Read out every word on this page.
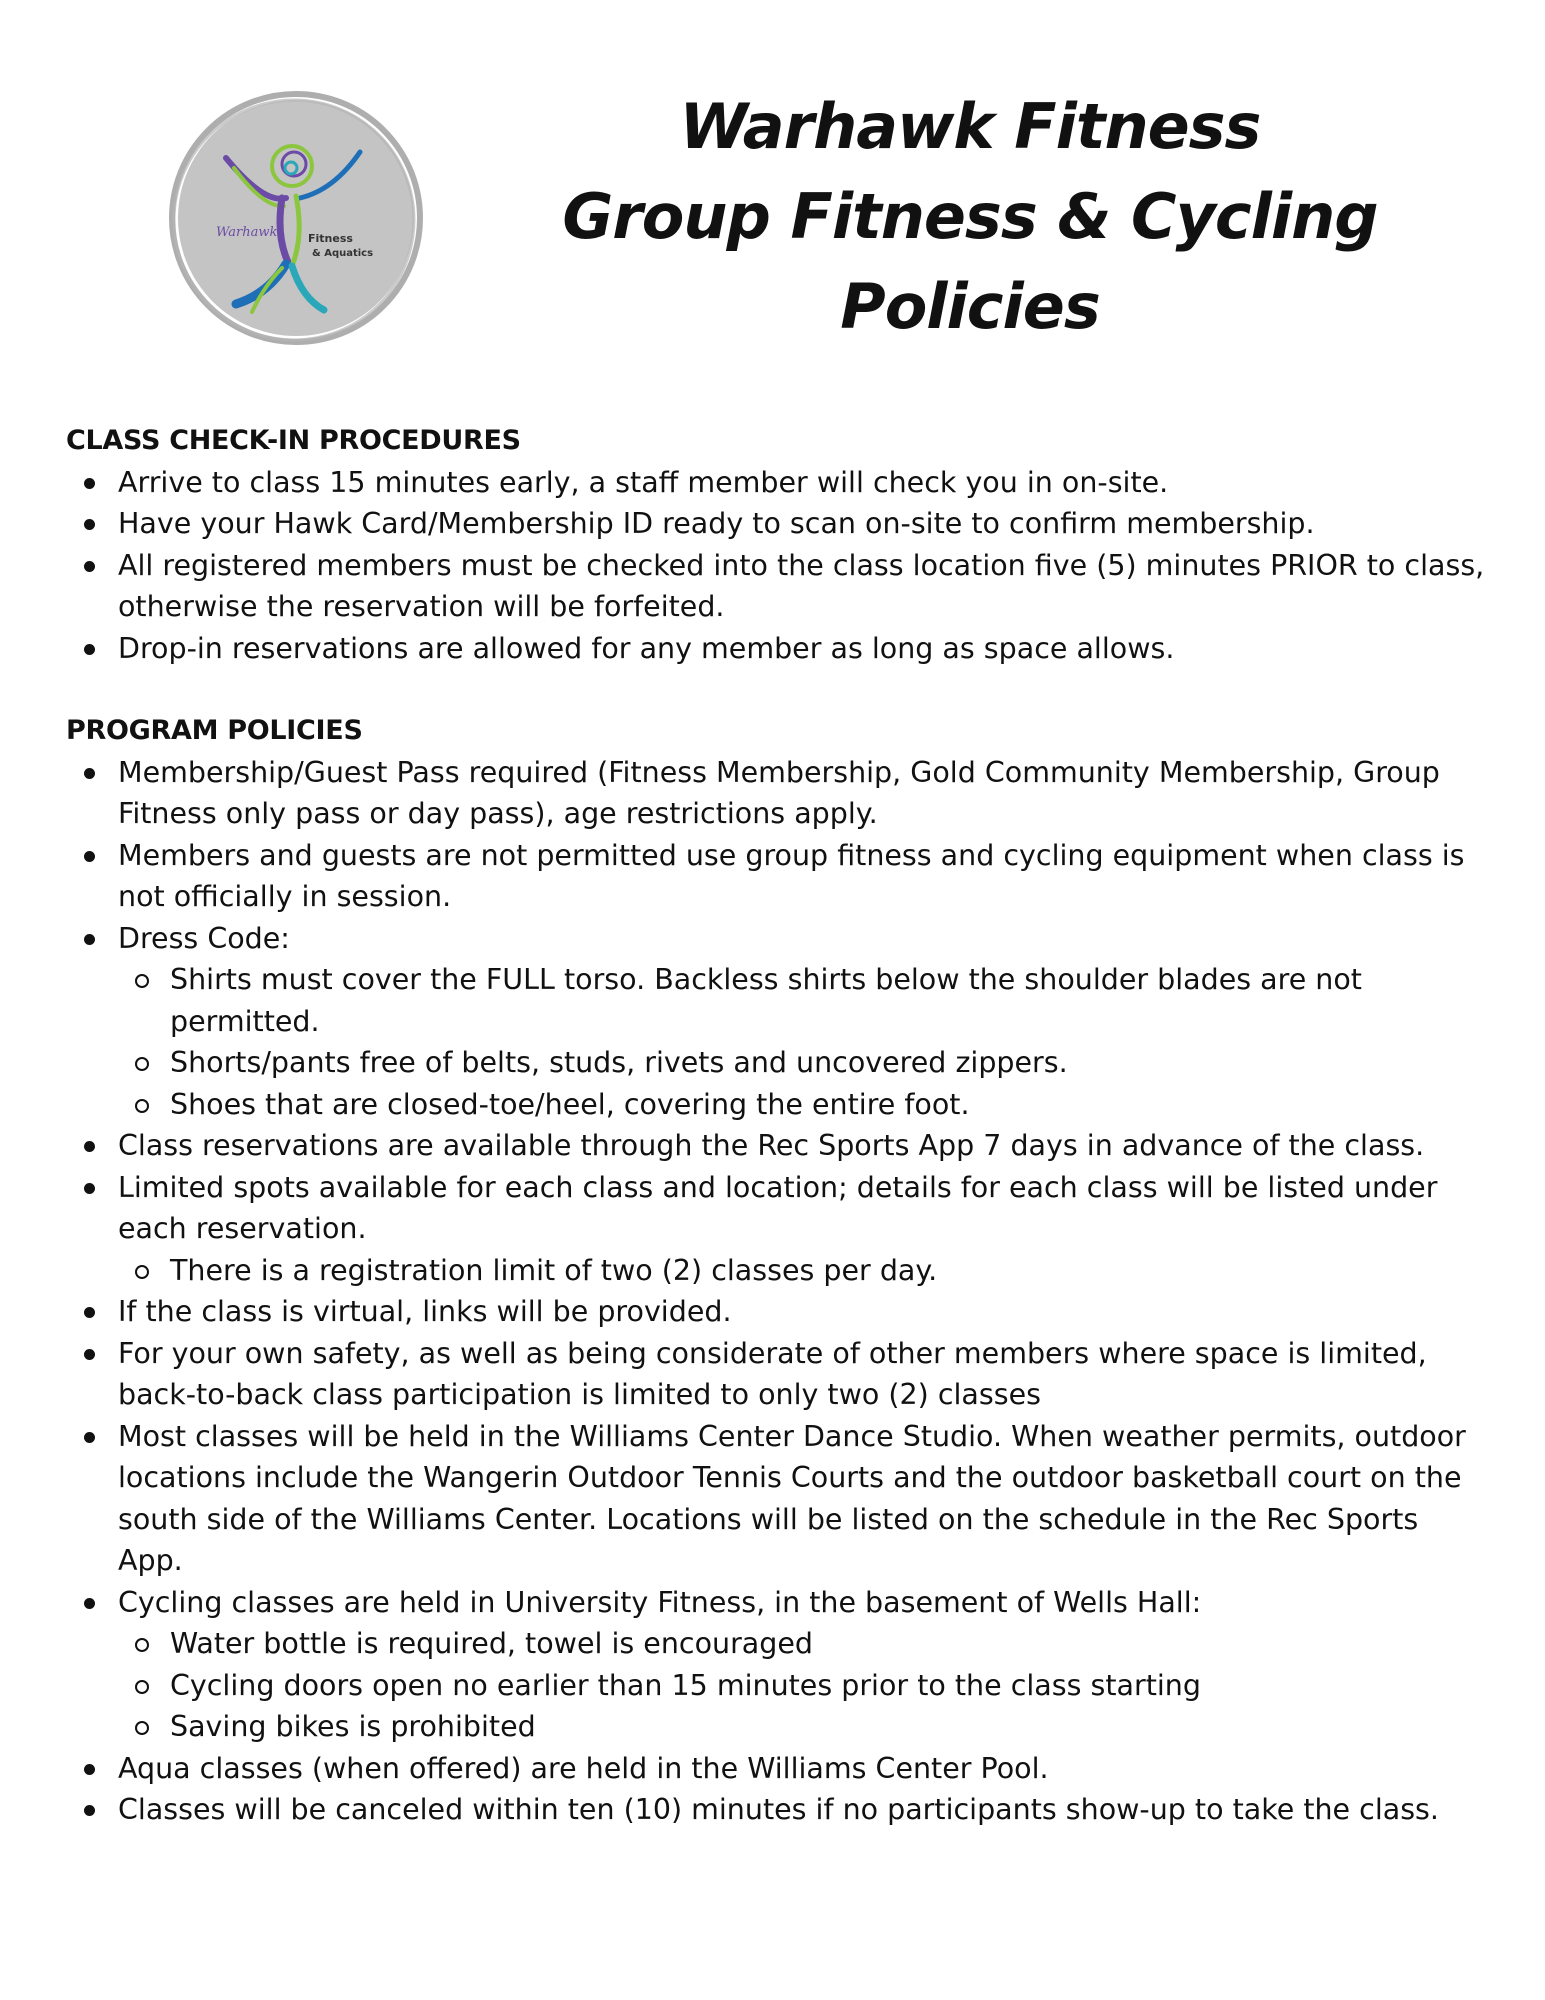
Warhawk	Fitness
& Aquatics
Warhawk Fitness
Group Fitness & Cycling
Policies
CLASS CHECK-IN PROCEDURES
Arrive to class 15 minutes early, a staff member will check you in on-site.
Have your Hawk Card/Membership ID ready to scan on-site to confirm membership.
All registered members must be checked into the class location five (5) minutes PRIOR to class, otherwise the reservation will be forfeited.
Drop-in reservations are allowed for any member as long as space allows.
PROGRAM POLICIES
Membership/Guest Pass required (Fitness Membership, Gold Community Membership, Group Fitness only pass or day pass), age restrictions apply.
Members and guests are not permitted use group fitness and cycling equipment when class is not officially in session.
Dress Code:
Shirts must cover the FULL torso. Backless shirts below the shoulder blades are not permitted.
Shorts/pants free of belts, studs, rivets and uncovered zippers.
Shoes that are closed-toe/heel, covering the entire foot.
Class reservations are available through the Rec Sports App 7 days in advance of the class.
Limited spots available for each class and location; details for each class will be listed under each reservation.
There is a registration limit of two (2) classes per day.
If the class is virtual, links will be provided.
For your own safety, as well as being considerate of other members where space is limited, back-to-back class participation is limited to only two (2) classes
Most classes will be held in the Williams Center Dance Studio. When weather permits, outdoor locations include the Wangerin Outdoor Tennis Courts and the outdoor basketball court on the south side of the Williams Center. Locations will be listed on the schedule in the Rec Sports App.
Cycling classes are held in University Fitness, in the basement of Wells Hall:
Water bottle is required, towel is encouraged
Cycling doors open no earlier than 15 minutes prior to the class starting
Saving bikes is prohibited
Aqua classes (when offered) are held in the Williams Center Pool.
Classes will be canceled within ten (10) minutes if no participants show-up to take the class.
